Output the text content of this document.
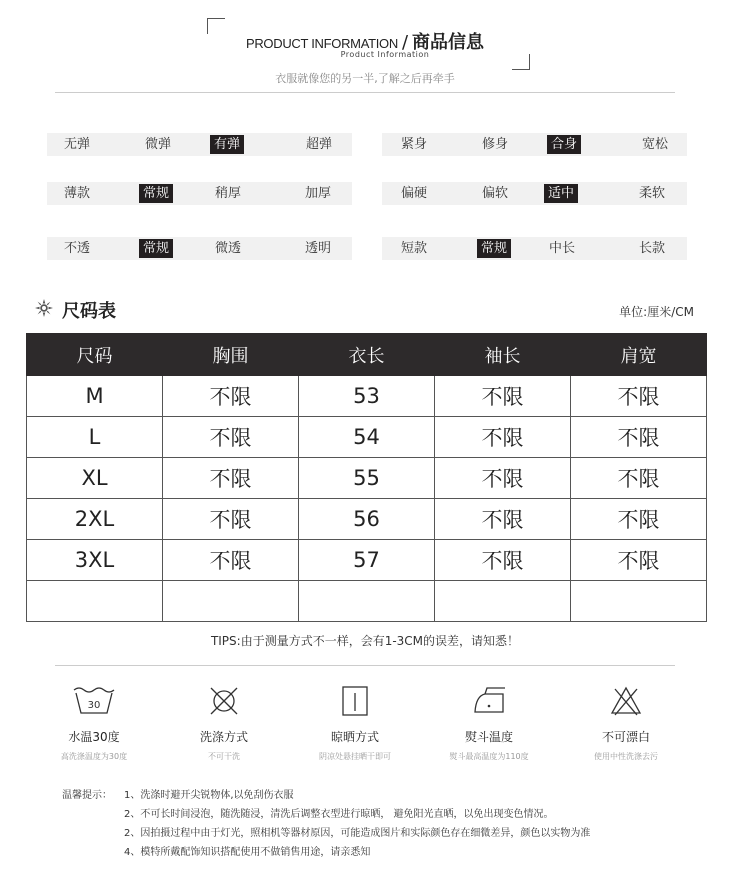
PRODUCT INFORMATION / 商品信息
Product Information
衣服就像您的另一半,了解之后再牵手
无弹	微弹	有弹	超弹	紧身	修身	合身	宽松
薄款	常规	稍厚	加厚	偏硬	偏软	适中	柔软
不透	常规	微透	透明	短款	常规	中长	长款
尺码表	单位:厘米/CM
尺码	胸围	衣长	袖长	肩宽
M	不限	53	不限	不限
L	不限	54	不限	不限
XL	不限	55	不限	不限
2XL	不限	56	不限	不限
3XL	不限	57	不限	不限

TIPS:由于测量方式不一样，会有1-3CM的误差，请知悉！
30
水温30度
高洗涤温度为30度
洗涤方式
不可干洗
晾晒方式
阴凉处悬挂晒干即可
熨斗温度
熨斗最高温度为110度
不可漂白
使用中性洗涤去污
温馨提示：	1、洗涤时避开尖锐物体,以免刮伤衣服
2、不可长时间浸泡，随洗随浸，清洗后调整衣型进行晾晒， 避免阳光直晒，以免出现变色情况。
2、因拍摄过程中由于灯光，照相机等器材原因，可能造成图片和实际颜色存在细微差异，颜色以实物为准
4、模特所戴配饰知识搭配使用不做销售用途，请亲悉知
